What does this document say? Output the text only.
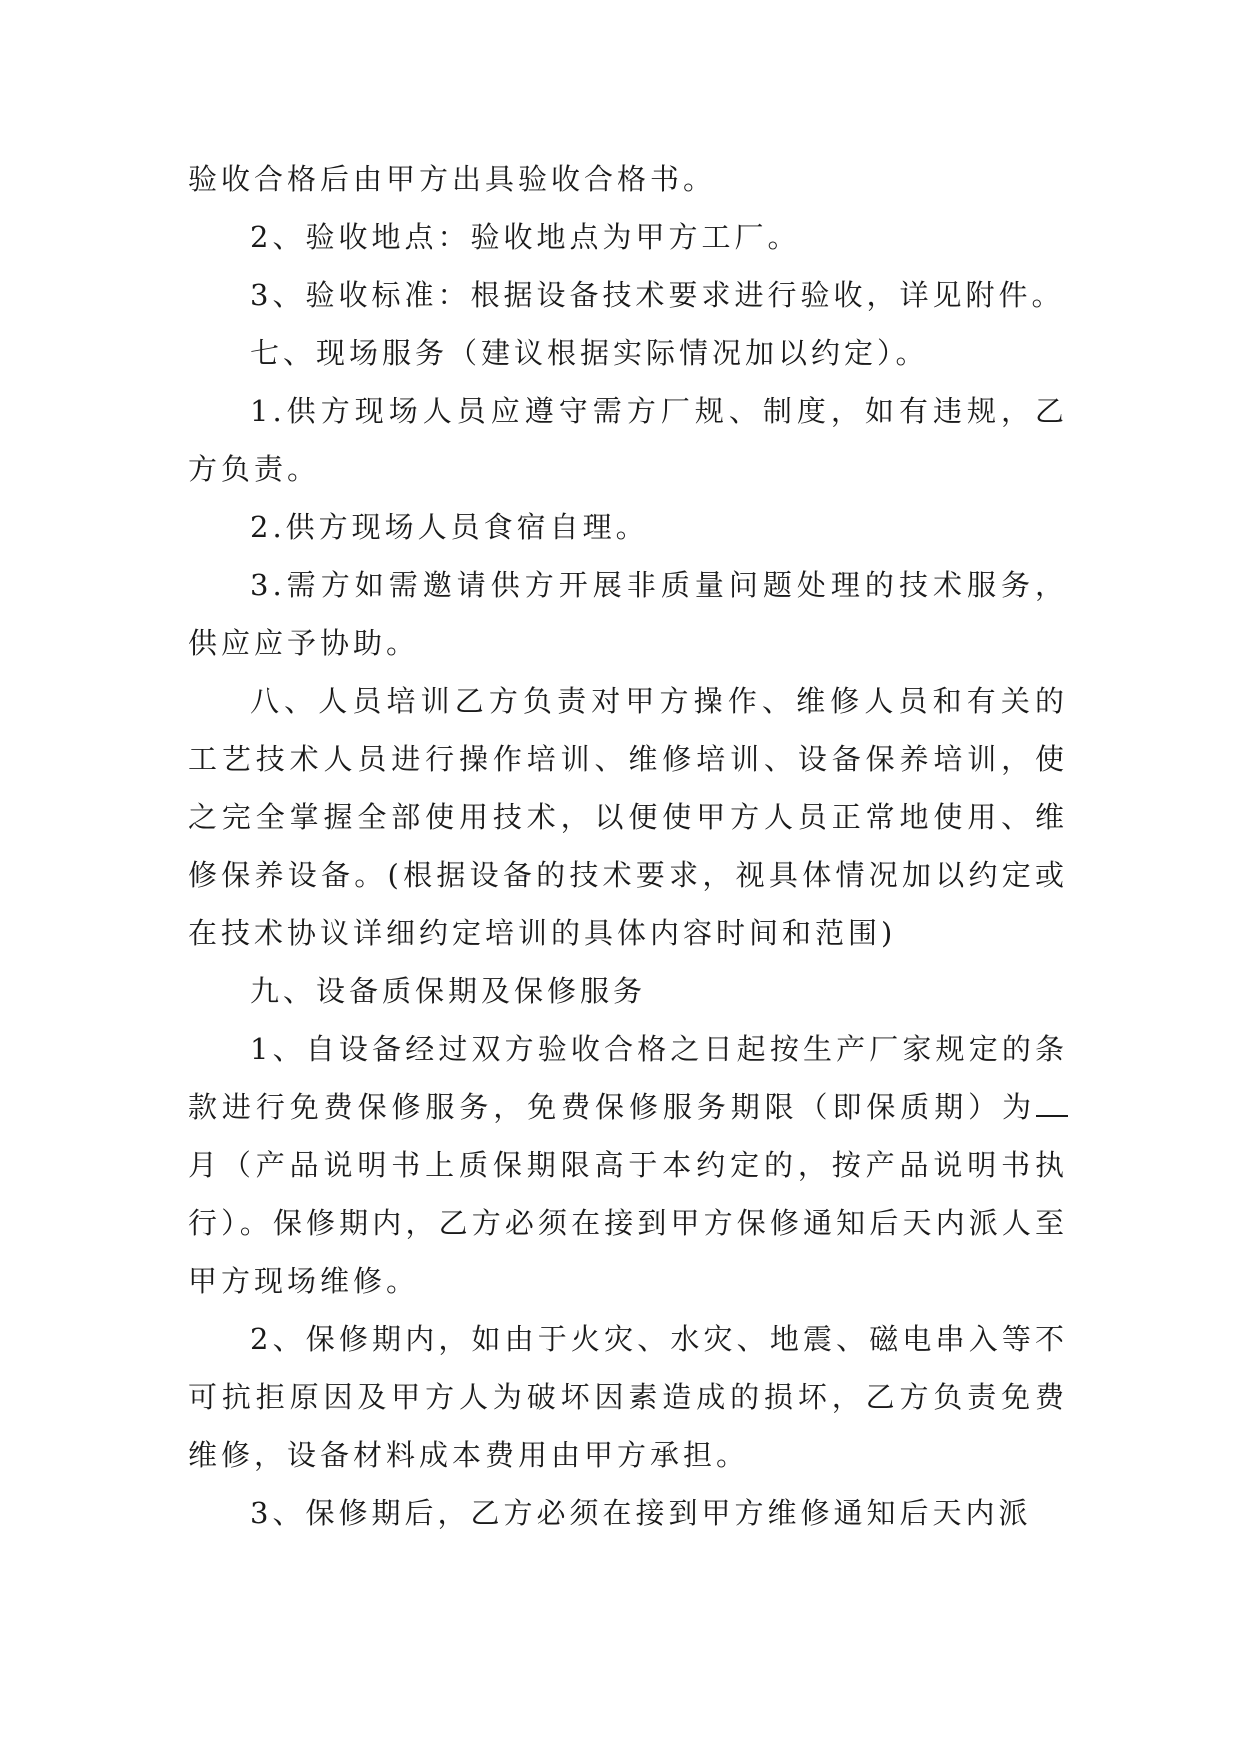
验收合格后由甲方出具验收合格书。

2、验收地点：验收地点为甲方工厂。

3、验收标准：根据设备技术要求进行验收，详见附件。

七、现场服务（建议根据实际情况加以约定）。

1.供方现场人员应遵守需方厂规、制度，如有违规，乙方负责。

2.供方现场人员食宿自理。

3.需方如需邀请供方开展非质量问题处理的技术服务，供应应予协助。

八、人员培训乙方负责对甲方操作、维修人员和有关的工艺技术人员进行操作培训、维修培训、设备保养培训，使之完全掌握全部使用技术，以便使甲方人员正常地使用、维修保养设备。(根据设备的技术要求，视具体情况加以约定或在技术协议详细约定培训的具体内容时间和范围)

九、设备质保期及保修服务

1、自设备经过双方验收合格之日起按生产厂家规定的条款进行免费保修服务，免费保修服务期限（即保质期）为月（产品说明书上质保期限高于本约定的，按产品说明书执行）。保修期内，乙方必须在接到甲方保修通知后天内派人至甲方现场维修。

2、保修期内，如由于火灾、水灾、地震、磁电串入等不可抗拒原因及甲方人为破坏因素造成的损坏，乙方负责免费维修，设备材料成本费用由甲方承担。

3、保修期后，乙方必须在接到甲方维修通知后天内派
